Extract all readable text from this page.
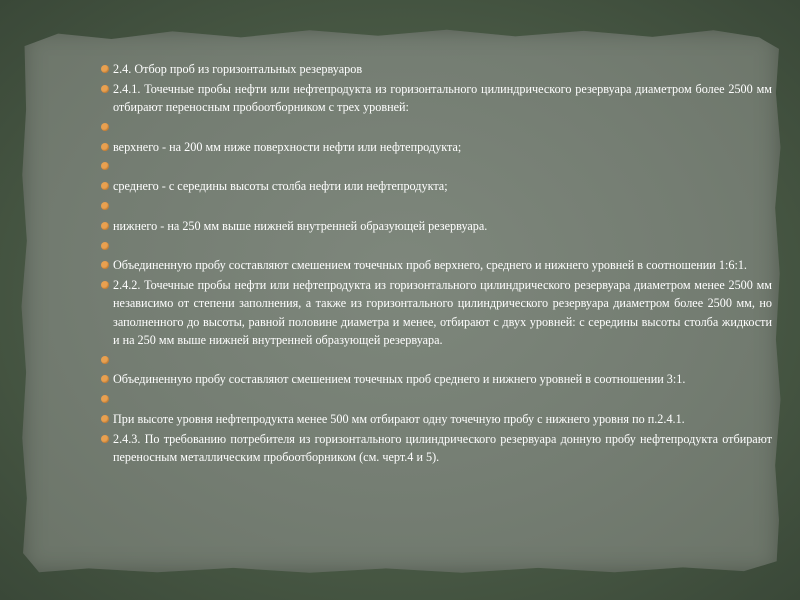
2.4. Отбор проб из горизонтальных резервуаров
2.4.1. Точечные пробы нефти или нефтепродукта из горизонтального цилиндрического резервуара диаметром более 2500 мм отбирают переносным пробоотборником с трех уровней:
верхнего - на 200 мм ниже поверхности нефти или нефтепродукта;
среднего - с середины высоты столба нефти или нефтепродукта;
нижнего - на 250 мм выше нижней внутренней образующей резервуара.
Объединенную пробу составляют смешением точечных проб верхнего, среднего и нижнего уровней в соотношении 1:6:1.
2.4.2. Точечные пробы нефти или нефтепродукта из горизонтального цилиндрического резервуара диаметром менее 2500 мм независимо от степени заполнения, а также из горизонтального цилиндрического резервуара диаметром более 2500 мм, но заполненного до высоты, равной половине диаметра и менее, отбирают с двух уровней: с середины высоты столба жидкости и на 250 мм выше нижней внутренней образующей резервуара.
Объединенную пробу составляют смешением точечных проб среднего и нижнего уровней в соотношении 3:1.
При высоте уровня нефтепродукта менее 500 мм отбирают одну точечную пробу с нижнего уровня по п.2.4.1.
2.4.3. По требованию потребителя из горизонтального цилиндрического резервуара донную пробу нефтепродукта отбирают переносным металлическим пробоотборником (см. черт.4 и 5).
